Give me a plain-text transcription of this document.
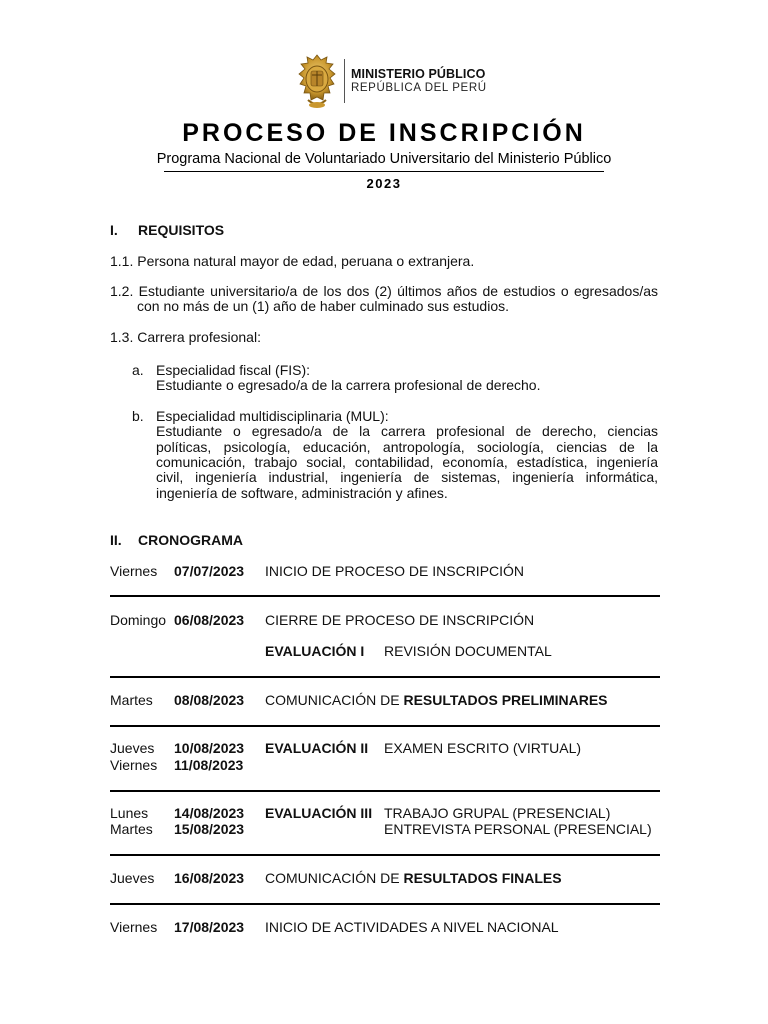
MINISTERIO PÚBLICO
REPÚBLICA DEL PERÚ
PROCESO DE INSCRIPCIÓN
Programa Nacional de Voluntariado Universitario del Ministerio Público
2023
I. REQUISITOS
1.1. Persona natural mayor de edad, peruana o extranjera.
1.2. Estudiante universitario/a de los dos (2) últimos años de estudios o egresados/as
con no más de un (1) año de haber culminado sus estudios.
1.3. Carrera profesional:
a. Especialidad fiscal (FIS):
Estudiante o egresado/a de la carrera profesional de derecho.
b. Especialidad multidisciplinaria (MUL):
Estudiante o egresado/a de la carrera profesional de derecho, ciencias
políticas, psicología, educación, antropología, sociología, ciencias de la
comunicación, trabajo social, contabilidad, economía, estadística, ingeniería
civil, ingeniería industrial, ingeniería de sistemas, ingeniería informática,
ingeniería de software, administración y afines.
II. CRONOGRAMA
Viernes 07/07/2023 INICIO DE PROCESO DE INSCRIPCIÓN
Domingo 06/08/2023 CIERRE DE PROCESO DE INSCRIPCIÓN
EVALUACIÓN I REVISIÓN DOCUMENTAL
Martes 08/08/2023 COMUNICACIÓN DE RESULTADOS PRELIMINARES
Jueves 10/08/2023 EVALUACIÓN II EXAMEN ESCRITO (VIRTUAL)
Viernes 11/08/2023
Lunes 14/08/2023 EVALUACIÓN III TRABAJO GRUPAL (PRESENCIAL)
Martes 15/08/2023	ENTREVISTA PERSONAL (PRESENCIAL)
Jueves 16/08/2023 COMUNICACIÓN DE RESULTADOS FINALES
Viernes 17/08/2023 INICIO DE ACTIVIDADES A NIVEL NACIONAL
